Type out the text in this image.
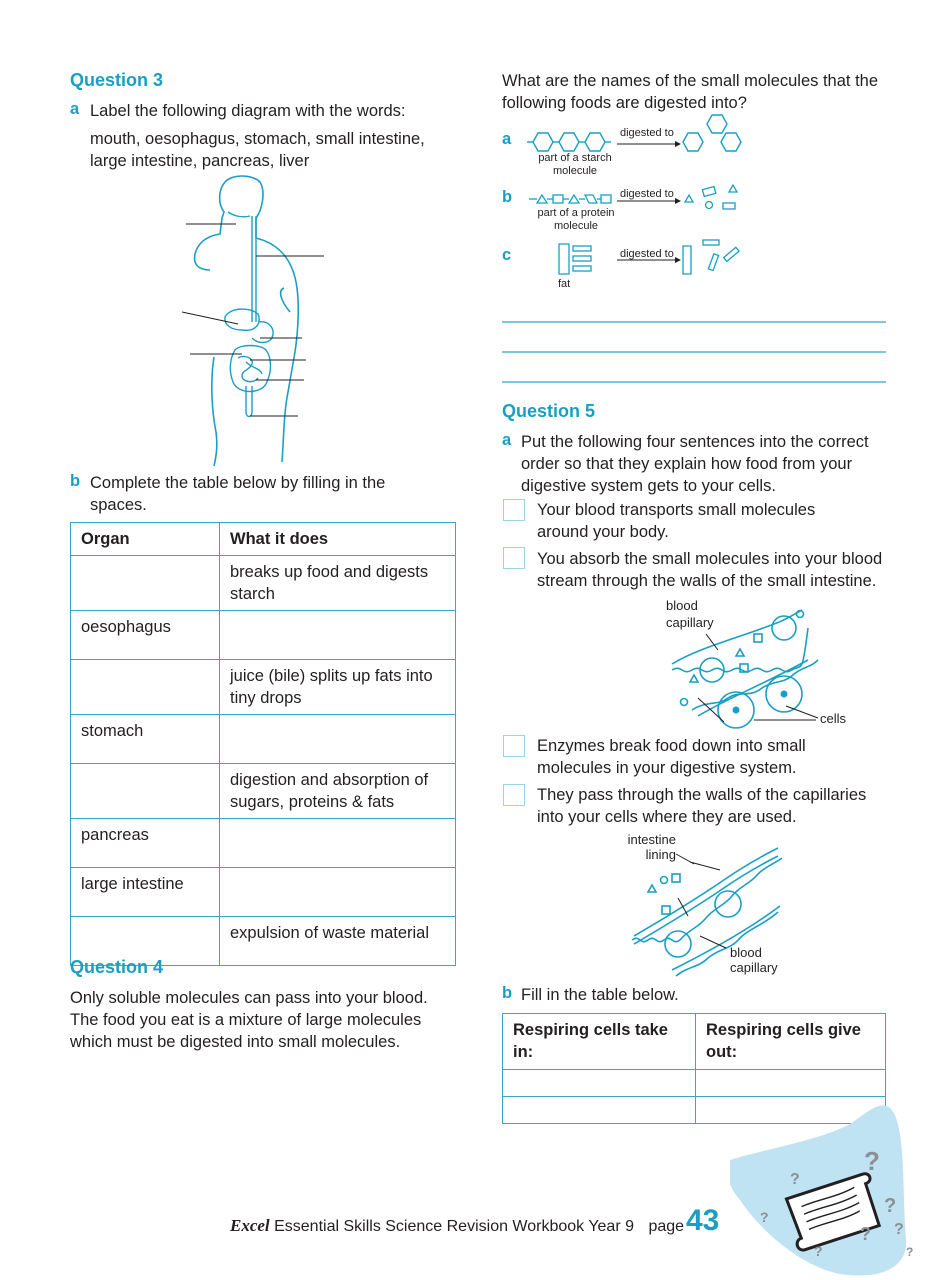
Question 3
a Label the following diagram with the words:
mouth, oesophagus, stomach, small intestine, large intestine, pancreas, liver
b Complete the table below by filling in the spaces.
Organ	What it does
	breaks up food and digests starch
oesophagus	
	juice (bile) splits up fats into tiny drops
stomach	
	digestion and absorption of sugars, proteins & fats
pancreas	
large intestine	
	expulsion of waste material
Question 4
Only soluble molecules can pass into your blood. The food you eat is a mixture of large molecules which must be digested into small molecules.
What are the names of the small molecules that the following foods are digested into?
a	digested to
part of a starch molecule
b	digested to
part of a protein molecule
c	digested to
fat
Question 5
a Put the following four sentences into the correct order so that they explain how food from your digestive system gets to your cells.
Your blood transports small molecules around your body.
You absorb the small molecules into your blood stream through the walls of the small intestine.
blood capillary
cells
Enzymes break food down into small molecules in your digestive system.
They pass through the walls of the capillaries into your cells where they are used.
intestine lining
blood capillary
b Fill in the table below.
Respiring cells take in:	Respiring cells give out:

?
?
?
? ?
?
?	?
Excel Essential Skills Science Revision Workbook Year 9 page 43
